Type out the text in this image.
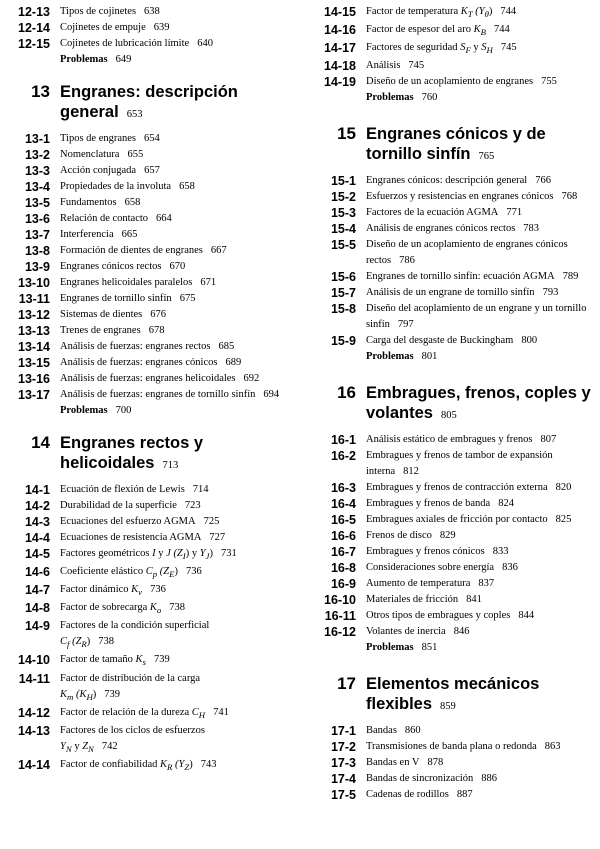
12-13 Tipos de cojinetes 638
12-14 Cojinetes de empuje 639
12-15 Cojinetes de lubricación límite 640
Problemas 649
13 Engranes: descripción
general 653
13-1 Tipos de engranes 654
13-2 Nomenclatura 655
13-3 Acción conjugada 657
13-4 Propiedades de la involuta 658
13-5 Fundamentos 658
13-6 Relación de contacto 664
13-7 Interferencia 665
13-8 Formación de dientes de engranes 667
13-9 Engranes cónicos rectos 670
13-10 Engranes helicoidales paralelos 671
13-11 Engranes de tornillo sinfín 675
13-12 Sistemas de dientes 676
13-13 Trenes de engranes 678
13-14 Análisis de fuerzas: engranes rectos 685
13-15 Análisis de fuerzas: engranes cónicos 689
13-16 Análisis de fuerzas: engranes helicoidales 692
13-17 Análisis de fuerzas: engranes de tornillo sinfín 694
Problemas 700
14 Engranes rectos y
helicoidales 713
14-1 Ecuación de flexión de Lewis 714
14-2 Durabilidad de la superficie 723
14-3 Ecuaciones del esfuerzo AGMA 725
14-4 Ecuaciones de resistencia AGMA 727
14-5 Factores geométricos I y J $(Z_I)$ y $Y_J$) 731
14-6 Coeficiente elástico $C_p$ $(Z_E)$ 736
14-7 Factor dinámico $K_v$ 736
14-8 Factor de sobrecarga $K_o$ 738
14-9 Factores de la condición superficial
$C_f$ $(Z_R)$ 738
14-10 Factor de tamaño $K_s$ 739
14-11 Factor de distribución de la carga
$K_m$ $(K_H)$ 739
14-12 Factor de relación de la dureza $C_H$ 741
14-13 Factores de los ciclos de esfuerzos
$Y_N$ y $Z_N$ 742
14-14 Factor de confiabilidad $K_R$ $(Y_Z)$ 743
14-15 Factor de temperatura $K_T$ $(Y_\theta)$ 744
14-16 Factor de espesor del aro $K_B$ 744
14-17 Factores de seguridad $S_F$ y $S_H$ 745
14-18 Análisis 745
14-19 Diseño de un acoplamiento de engranes 755
Problemas 760
15 Engranes cónicos y de
tornillo sinfín 765
15-1 Engranes cónicos: descripción general 766
15-2 Esfuerzos y resistencias en engranes cónicos 768
15-3 Factores de la ecuación AGMA 771
15-4 Análisis de engranes cónicos rectos 783
15-5 Diseño de un acoplamiento de engranes cónicos rectos 786
15-6 Engranes de tornillo sinfín: ecuación AGMA 789
15-7 Análisis de un engrane de tornillo sinfín 793
15-8 Diseño del acoplamiento de un engrane y un tornillo sinfín 797
15-9 Carga del desgaste de Buckingham 800
Problemas 801
16 Embragues, frenos, coples y
volantes 805
16-1 Análisis estático de embragues y frenos 807
16-2 Embragues y frenos de tambor de expansión interna 812
16-3 Embragues y frenos de contracción externa 820
16-4 Embragues y frenos de banda 824
16-5 Embragues axiales de fricción por contacto 825
16-6 Frenos de disco 829
16-7 Embragues y frenos cónicos 833
16-8 Consideraciones sobre energía 836
16-9 Aumento de temperatura 837
16-10 Materiales de fricción 841
16-11 Otros tipos de embragues y coples 844
16-12 Volantes de inercia 846
Problemas 851
17 Elementos mecánicos
flexibles 859
17-1 Bandas 860
17-2 Transmisiones de banda plana o redonda 863
17-3 Bandas en V 878
17-4 Bandas de sincronización 886
17-5 Cadenas de rodillos 887
